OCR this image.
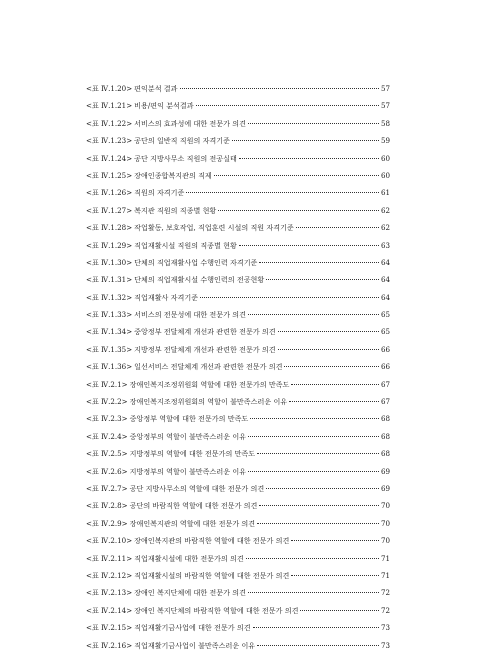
<표 Ⅳ.1.20> 편익분석 결과	57
<표 Ⅳ.1.21> 비용/편익 분석결과	57
<표 Ⅳ.1.22> 서비스의 효과성에 대한 전문가 의견	58
<표 Ⅳ.1.23> 공단의 일반직 직원의 자격기준	59
<표 Ⅳ.1.24> 공단 지방사무소 직원의 전공실태	60
<표 Ⅳ.1.25> 장애인종합복지관의 직제	60
<표 Ⅳ.1.26> 직원의 자격기준	61
<표 Ⅳ.1.27> 복지관 직원의 직종별 현황	62
<표 Ⅳ.1.28> 작업활동, 보호작업, 직업훈련 시설의 직원 자격기준	62
<표 Ⅳ.1.29> 직업재활시설 직원의 직종별 현황	63
<표 Ⅳ.1.30> 단체의 직업재활사업 수행인력 자격기준	64
<표 Ⅳ.1.31> 단체의 직업재활시설 수행인력의 전공현황	64
<표 Ⅳ.1.32> 직업재활사 자격기준	64
<표 Ⅳ.1.33> 서비스의 전문성에 대한 전문가 의견	65
<표 Ⅳ.1.34> 중앙정부 전달체계 개선과 관련한 전문가 의견	65
<표 Ⅳ.1.35> 지방정부 전달체계 개선과 관련한 전문가 의견	66
<표 Ⅳ.1.36> 일선서비스 전달체계 개선과 관련한 전문가 의견	66
<표 Ⅳ.2.1> 장애인복지조정위원회 역할에 대한 전문가의 만족도	67
<표 Ⅳ.2.2> 장애인복지조정위원회의 역할이 불만족스러운 이유	67
<표 Ⅳ.2.3> 중앙정부 역할에 대한 전문가의 만족도	68
<표 Ⅳ.2.4> 중앙정부의 역할이 불만족스러운 이유	68
<표 Ⅳ.2.5> 지방정부의 역할에 대한 전문가의 만족도	68
<표 Ⅳ.2.6> 지방정부의 역할이 불만족스러운 이유	69
<표 Ⅳ.2.7> 공단 지방사무소의 역할에 대한 전문가 의견	69
<표 Ⅳ.2.8> 공단의 바람직한 역할에 대한 전문가 의견	70
<표 Ⅳ.2.9> 장애인복지관의 역할에 대한 전문가 의견	70
<표 Ⅳ.2.10> 장애인복지관의 바람직한 역할에 대한 전문가 의견	70
<표 Ⅳ.2.11> 직업재활시설에 대한 전문가의 의견	71
<표 Ⅳ.2.12> 직업재활시설의 바람직한 역할에 대한 전문가 의견	71
<표 Ⅳ.2.13> 장애인 복지단체에 대한 전문가 의견	72
<표 Ⅳ.2.14> 장애인 복지단체의 바람직한 역할에 대한 전문가 의견	72
<표 Ⅳ.2.15> 직업재활기금사업에 대한 전문가 의견	73
<표 Ⅳ.2.16> 직업재활기금사업이 불만족스러운 이유	73
